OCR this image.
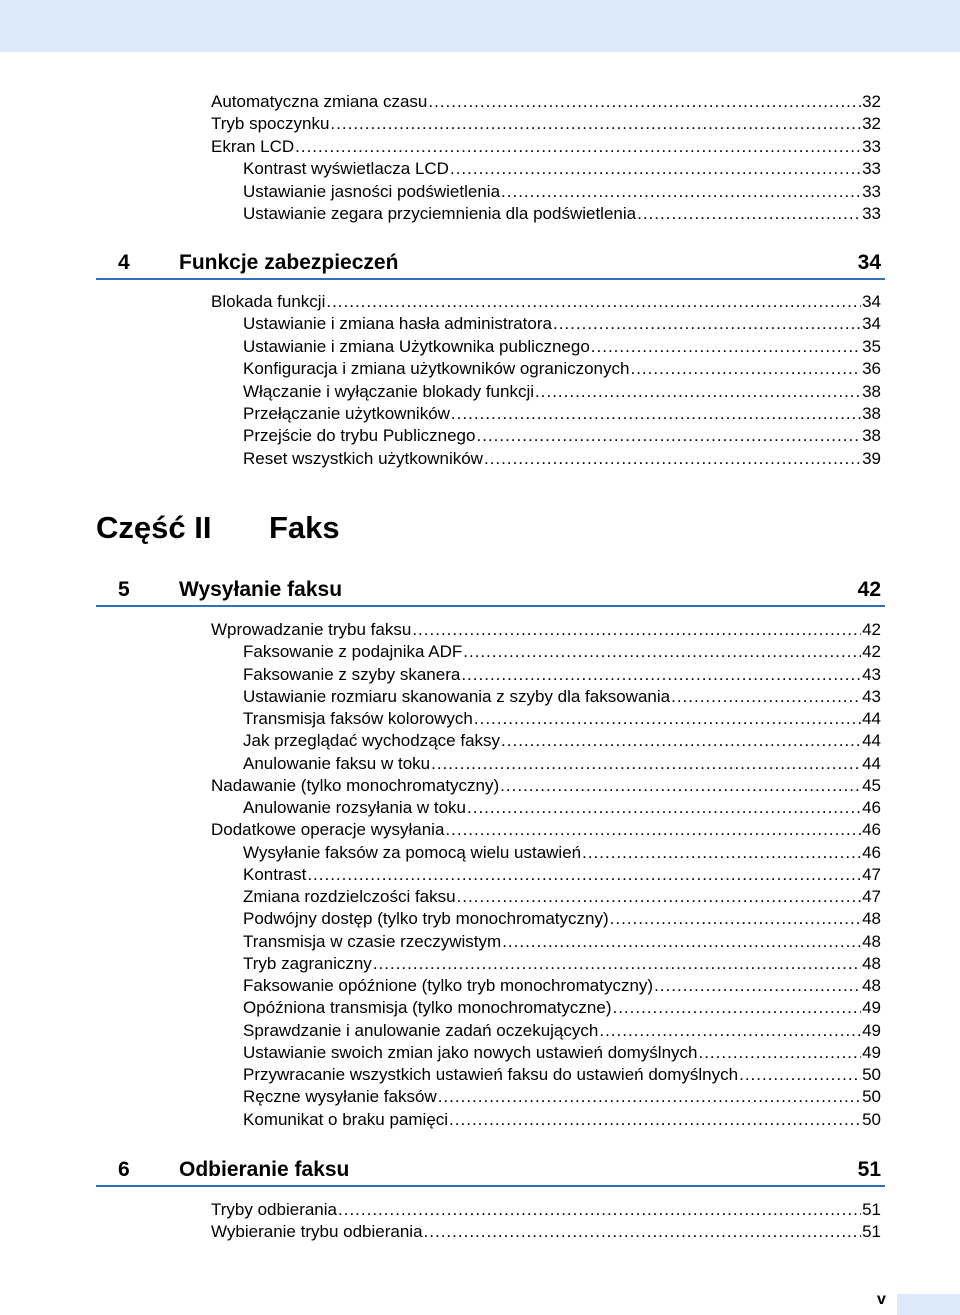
Automatyczna zmiana czasu .....	32
Tryb spoczynku .....	32
Ekran LCD .....	33
Kontrast wyświetlacza LCD .....	33
Ustawianie jasności podświetlenia .....	33
Ustawianie zegara przyciemnienia dla podświetlenia .....	33
4 Funkcje zabezpieczeń	34
Blokada funkcji .....	34
Ustawianie i zmiana hasła administratora .....	34
Ustawianie i zmiana Użytkownika publicznego .....	35
Konfiguracja i zmiana użytkowników ograniczonych .....	36
Włączanie i wyłączanie blokady funkcji .....	38
Przełączanie użytkowników .....	38
Przejście do trybu Publicznego .....	38
Reset wszystkich użytkowników .....	39
Część II Faks
5 Wysyłanie faksu	42
Wprowadzanie trybu faksu .....	42
Faksowanie z podajnika ADF .....	42
Faksowanie z szyby skanera .....	43
Ustawianie rozmiaru skanowania z szyby dla faksowania .....	43
Transmisja faksów kolorowych .....	44
Jak przeglądać wychodzące faksy .....	44
Anulowanie faksu w toku .....	44
Nadawanie (tylko monochromatyczny) .....	45
Anulowanie rozsyłania w toku .....	46
Dodatkowe operacje wysyłania .....	46
Wysyłanie faksów za pomocą wielu ustawień .....	46
Kontrast .....	47
Zmiana rozdzielczości faksu .....	47
Podwójny dostęp (tylko tryb monochromatyczny) .....	48
Transmisja w czasie rzeczywistym .....	48
Tryb zagraniczny .....	48
Faksowanie opóźnione (tylko tryb monochromatyczny) .....	48
Opóźniona transmisja (tylko monochromatyczne) .....	49
Sprawdzanie i anulowanie zadań oczekujących .....	49
Ustawianie swoich zmian jako nowych ustawień domyślnych .....	49
Przywracanie wszystkich ustawień faksu do ustawień domyślnych .....	50
Ręczne wysyłanie faksów .....	50
Komunikat o braku pamięci .....	50
6 Odbieranie faksu	51
Tryby odbierania .....	51
Wybieranie trybu odbierania .....	51
v
